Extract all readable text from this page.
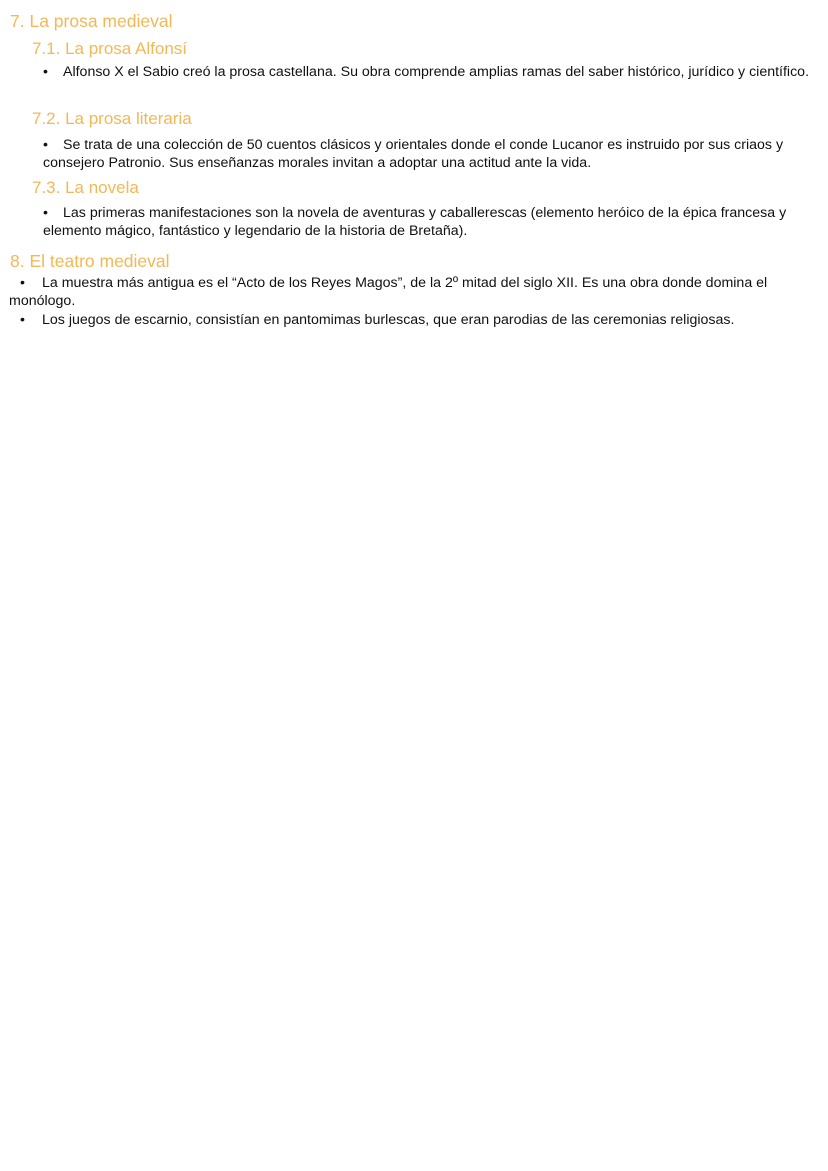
7. La prosa medieval
7.1. La prosa Alfonsí
• Alfonso X el Sabio creó la prosa castellana. Su obra comprende amplias ramas del saber histórico, jurídico y científico.
7.2. La prosa literaria
• Se trata de una colección de 50 cuentos clásicos y orientales donde el conde Lucanor es instruido por sus criaos y consejero Patronio. Sus enseñanzas morales invitan a adoptar una actitud ante la vida.
7.3. La novela
• Las primeras manifestaciones son la novela de aventuras y caballerescas (elemento heróico de la épica francesa y elemento mágico, fantástico y legendario de la historia de Bretaña).
8. El teatro medieval
• La muestra más antigua es el “Acto de los Reyes Magos”, de la 2º mitad del siglo XII. Es una obra donde domina el monólogo.
• Los juegos de escarnio, consistían en pantomimas burlescas, que eran parodias de las ceremonias religiosas.
